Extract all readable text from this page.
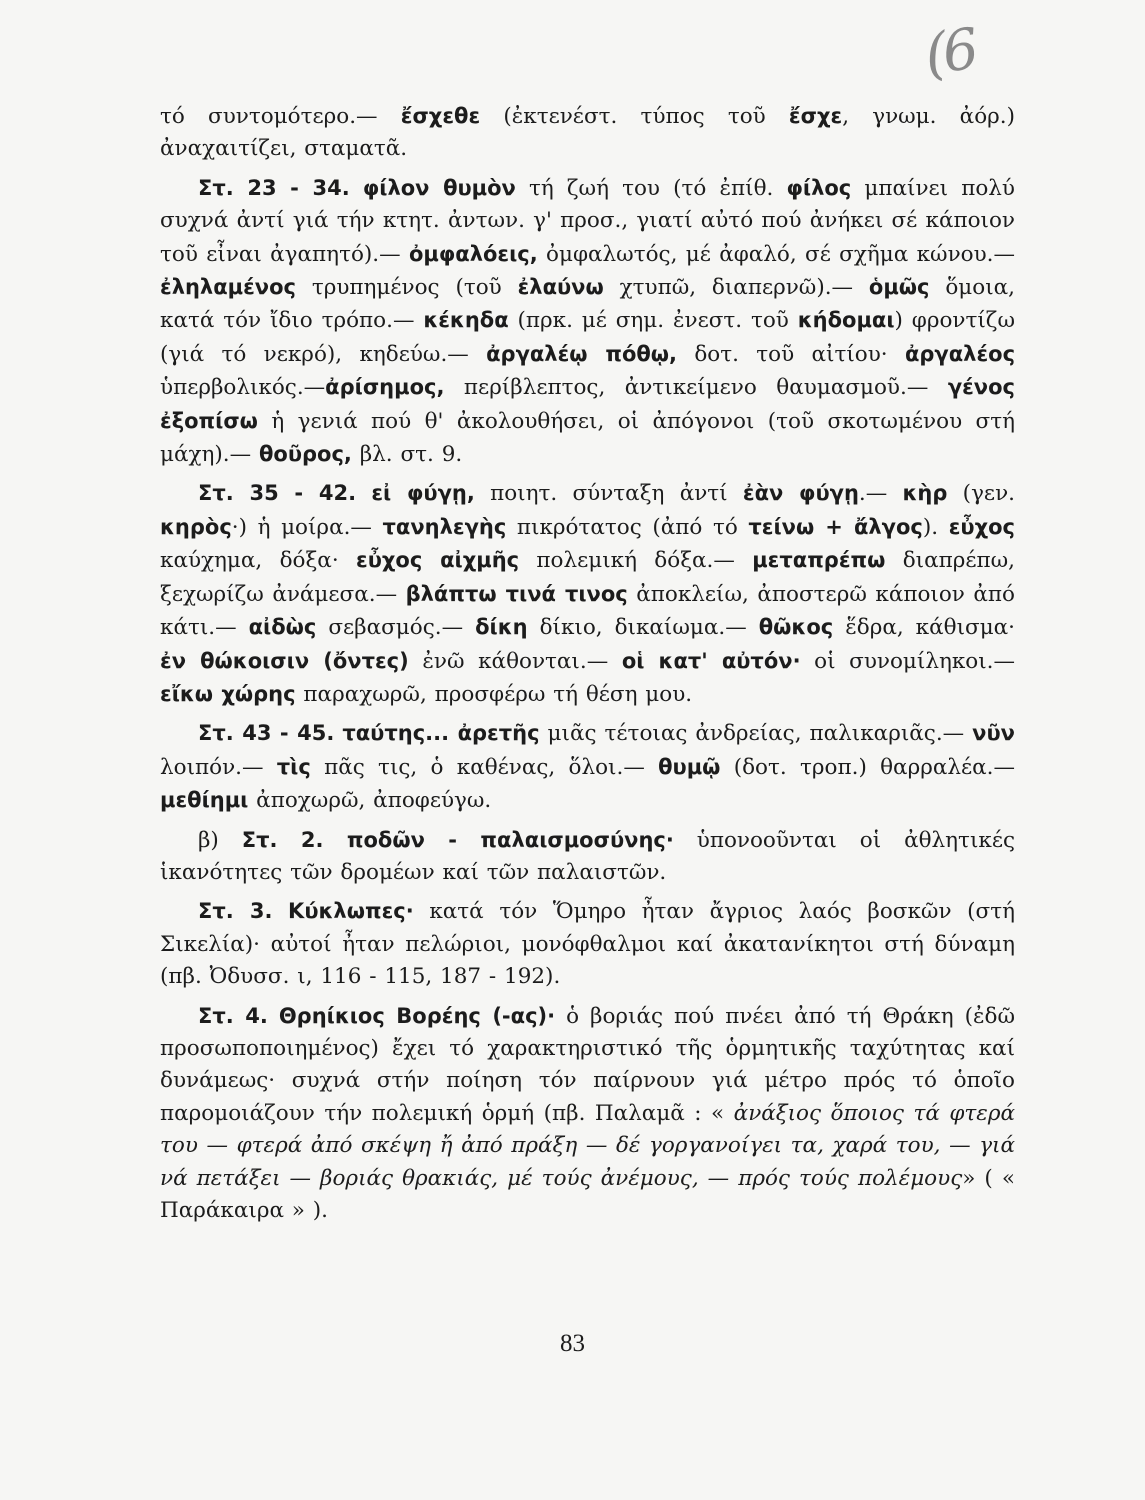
(6

τό συντομότερο.— ἔσχεθε (ἐκτενέστ. τύπος τοῦ ἔσχε, γνωμ. ἀόρ.) ἀναχαιτίζει, σταματᾶ.

Στ. 23 - 34. φίλον θυμὸν τή ζωή του (τό ἐπίθ. φίλος μπαίνει πολύ συχνά ἀντί γιά τήν κτητ. ἀντων. γ' προσ., γιατί αὐτό πού ἀνήκει σέ κάποιον τοῦ εἶναι ἀγαπητό).— ὀμφαλόεις, ὀμφαλωτός, μέ ἀφαλό, σέ σχῆμα κώνου.— ἐληλαμένος τρυπημένος (τοῦ ἐλαύνω χτυπῶ, διαπερνῶ).— ὁμῶς ὅμοια, κατά τόν ἴδιο τρόπο.— κέκηδα (πρκ. μέ σημ. ἐνεστ. τοῦ κήδομαι) φροντίζω (γιά τό νεκρό), κηδεύω.— ἀργαλέῳ πόθῳ, δοτ. τοῦ αἰτίου· ἀργαλέος ὑπερβολικός.—ἀρίσημος, περίβλεπτος, ἀντικείμενο θαυμασμοῦ.— γένος ἐξοπίσω ἡ γενιά πού θ' ἀκολουθήσει, οἱ ἀπόγονοι (τοῦ σκοτωμένου στή μάχη).— θοῦρος, βλ. στ. 9.

Στ. 35 - 42. εἰ φύγῃ, ποιητ. σύνταξη ἀντί ἐὰν φύγῃ.— κὴρ (γεν. κηρὸς·) ἡ μοίρα.— τανηλεγὴς πικρότατος (ἀπό τό τείνω + ἄλγος). εὖχος καύχημα, δόξα· εὖχος αἰχμῆς πολεμική δόξα.— μεταπρέπω διαπρέπω, ξεχωρίζω ἀνάμεσα.— βλάπτω τινά τινος ἀποκλείω, ἀποστερῶ κάποιον ἀπό κάτι.— αἰδὼς σεβασμός.— δίκη δίκιο, δικαίωμα.— θῶκος ἕδρα, κάθισμα· ἐν θώκοισιν (ὄντες) ἐνῶ κάθονται.— οἱ κατ' αὐτόν· οἱ συνομίληκοι.— εἴκω χώρης παραχωρῶ, προσφέρω τή θέση μου.

Στ. 43 - 45. ταύτης... ἀρετῆς μιᾶς τέτοιας ἀνδρείας, παλικαριᾶς.— νῦν λοιπόν.— τὶς πᾶς τις, ὁ καθένας, ὅλοι.— θυμῷ (δοτ. τροπ.) θαρραλέα.— μεθίημι ἀποχωρῶ, ἀποφεύγω.

β) Στ. 2. ποδῶν - παλαισμοσύνης· ὑπονοοῦνται οἱ ἀθλητικές ἱκανότητες τῶν δρομέων καί τῶν παλαιστῶν.

Στ. 3. Κύκλωπες· κατά τόν Ὅμηρο ἦταν ἄγριος λαός βοσκῶν (στή Σικελία)· αὐτοί ἦταν πελώριοι, μονόφθαλμοι καί ἀκατανίκητοι στή δύναμη (πβ. Ὀδυσσ. ι, 116 - 115, 187 - 192).

Στ. 4. Θρηίκιος Βορέης (-ας)· ὁ βοριάς πού πνέει ἀπό τή Θράκη (ἐδῶ προσωποποιημένος) ἔχει τό χαρακτηριστικό τῆς ὁρμητικῆς ταχύτητας καί δυνάμεως· συχνά στήν ποίηση τόν παίρνουν γιά μέτρο πρός τό ὁποῖο παρομοιάζουν τήν πολεμική ὁρμή (πβ. Παλαμᾶ : « ἀνάξιος ὅποιος τά φτερά του — φτερά ἀπό σκέψη ἤ ἀπό πράξη — δέ γοργανοίγει τα, χαρά του, — γιά νά πετάξει — βοριάς θρακιάς, μέ τούς ἀνέμους, — πρός τούς πολέμους» ( « Παράκαιρα » ).

83
